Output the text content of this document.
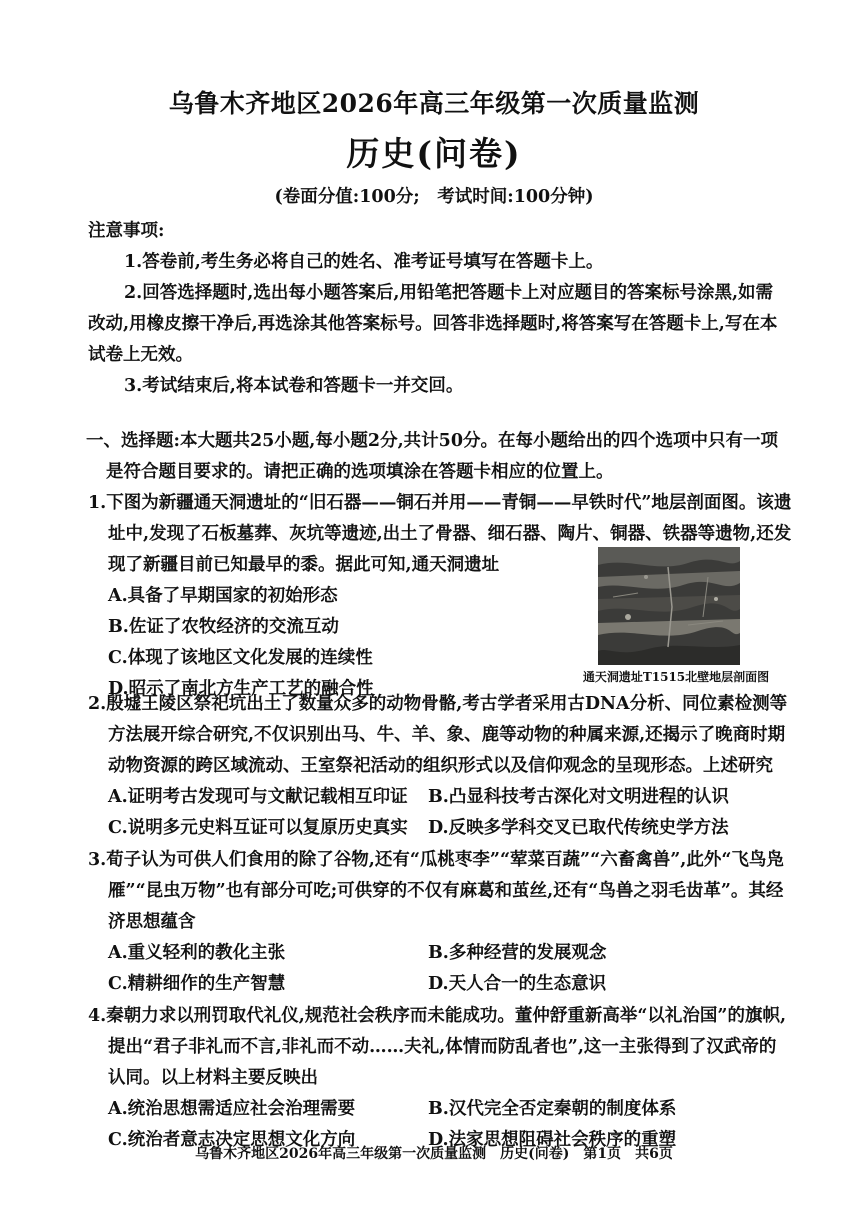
乌鲁木齐地区2026年高三年级第一次质量监测
历史(问卷)
(卷面分值:100分;　考试时间:100分钟)

注意事项:

1.答卷前,考生务必将自己的姓名、准考证号填写在答题卡上。

2.回答选择题时,选出每小题答案后,用铅笔把答题卡上对应题目的答案标号涂黑,如需改动,用橡皮擦干净后,再选涂其他答案标号。回答非选择题时,将答案写在答题卡上,写在本试卷上无效。

3.考试结束后,将本试卷和答题卡一并交回。

一、选择题:本大题共25小题,每小题2分,共计50分。在每小题给出的四个选项中只有一项是符合题目要求的。请把正确的选项填涂在答题卡相应的位置上。

1.下图为新疆通天洞遗址的“旧石器——铜石并用——青铜——早铁时代”地层剖面图。该遗址中,发现了石板墓葬、灰坑等遗迹,出土了骨器、细石器、陶片、铜器、铁器等遗物,还发现了新疆目前已知最早的黍。据此可知,通天洞遗址

A.具备了早期国家的初始形态

B.佐证了农牧经济的交流互动

C.体现了该地区文化发展的连续性

D.昭示了南北方生产工艺的融合性

通天洞遗址T1515北壁地层剖面图

2.殷墟王陵区祭祀坑出土了数量众多的动物骨骼,考古学者采用古DNA分析、同位素检测等方法展开综合研究,不仅识别出马、牛、羊、象、鹿等动物的种属来源,还揭示了晚商时期动物资源的跨区域流动、王室祭祀活动的组织形式以及信仰观念的呈现形态。上述研究

A.证明考古发现可与文献记载相互印证	B.凸显科技考古深化对文明进程的认识
C.说明多元史料互证可以复原历史真实	D.反映多学科交叉已取代传统史学方法

3.荀子认为可供人们食用的除了谷物,还有“瓜桃枣李”“荤菜百蔬”“六畜禽兽”,此外“飞鸟凫雁”“昆虫万物”也有部分可吃;可供穿的不仅有麻葛和茧丝,还有“鸟兽之羽毛齿革”。其经济思想蕴含

A.重义轻利的教化主张	B.多种经营的发展观念
C.精耕细作的生产智慧	D.天人合一的生态意识

4.秦朝力求以刑罚取代礼仪,规范社会秩序而未能成功。董仲舒重新高举“以礼治国”的旗帜,提出“君子非礼而不言,非礼而不动……夫礼,体情而防乱者也”,这一主张得到了汉武帝的认同。以上材料主要反映出

A.统治思想需适应社会治理需要	B.汉代完全否定秦朝的制度体系
C.统治者意志决定思想文化方向	D.法家思想阻碍社会秩序的重塑
乌鲁木齐地区2026年高三年级第一次质量监测　历史(问卷)　第1页　共6页
